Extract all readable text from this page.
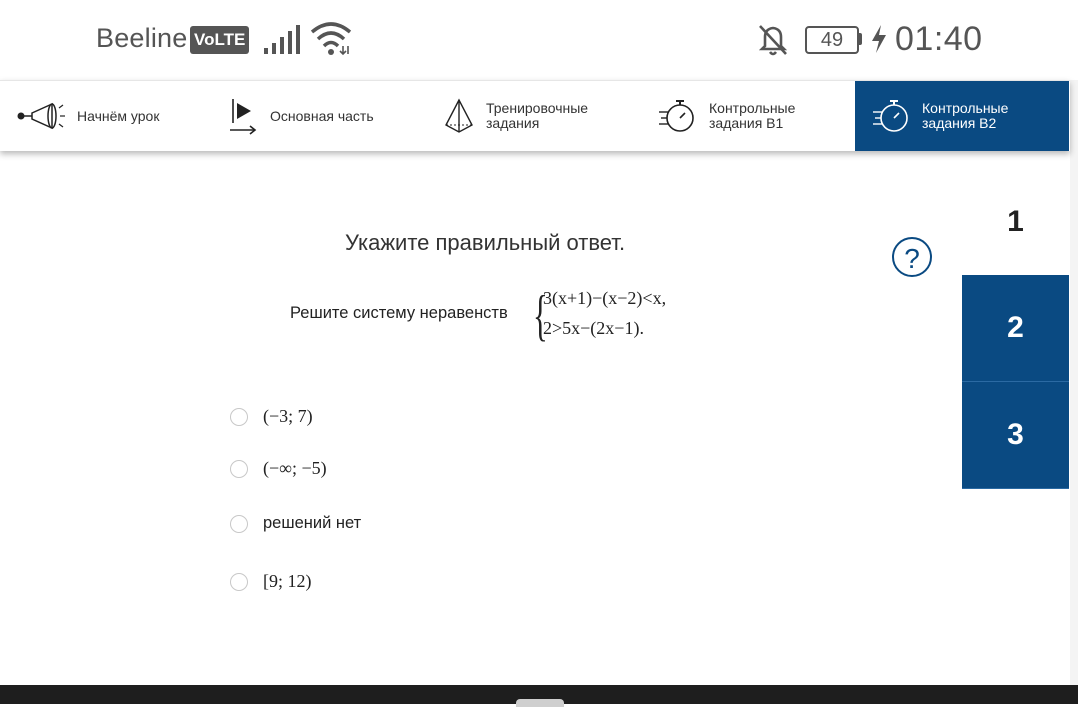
Beeline VoLTE	49	01:40
Начнём урок	Основная часть	Тренировочные задания
Контрольные задания В1
Контрольные задания В2
Укажите правильный ответ.
?
Решите систему неравенств {
3(x+1)−(x−2)<x,
2>5x−(2x−1).
(−3; 7)
(−∞; −5)
решений нет
[9; 12)
1
2
3
